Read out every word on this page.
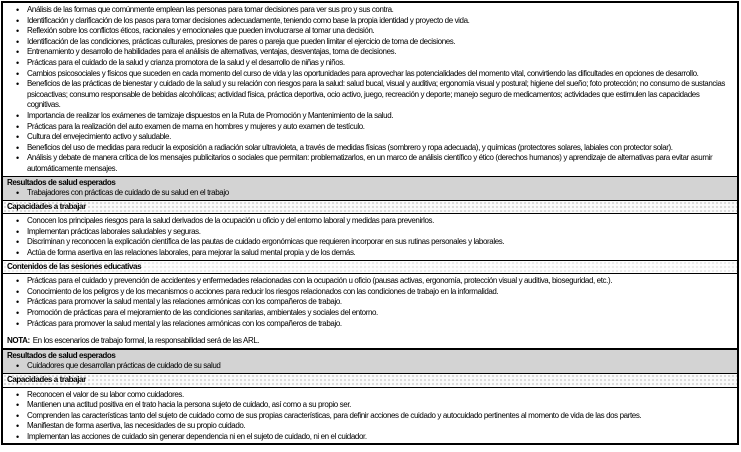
•	Análisis de las formas que comúnmente emplean las personas para tomar decisiones para ver sus pro y sus contra.
•	Identificación y clarificación de los pasos para tomar decisiones adecuadamente, teniendo como base la propia identidad y proyecto de vida.
•	Reflexión sobre los conflictos éticos, racionales y emocionales que pueden involucrarse al tomar una decisión.
•	Identificación de las condiciones, prácticas culturales, presiones de pares o pareja que pueden limitar el ejercicio de toma de decisiones.
•	Entrenamiento y desarrollo de habilidades para el análisis de alternativas, ventajas, desventajas, toma de decisiones.
•	Prácticas para el cuidado de la salud y crianza promotora de la salud y el desarrollo de niñas y niños.
•	Cambios psicosociales y físicos que suceden en cada momento del curso de vida y las oportunidades para aprovechar las potencialidades del momento vital, convirtiendo las dificultades en opciones de desarrollo.
•	Beneficios de las prácticas de bienestar y cuidado de la salud y su relación con riesgos para la salud: salud bucal, visual y auditiva; ergonomía visual y postural; higiene del sueño; foto protección; no consumo de sustancias psicoactivas; consumo responsable de bebidas alcohólicas; actividad física, práctica deportiva, ocio activo, juego, recreación y deporte; manejo seguro de medicamentos; actividades que estimulen las capacidades cognitivas.
•	Importancia de realizar los exámenes de tamizaje dispuestos en la Ruta de Promoción y Mantenimiento de la salud.
•	Prácticas para la realización del auto examen de mama en hombres y mujeres y auto examen de testículo.
•	Cultura del envejecimiento activo y saludable.
•	Beneficios del uso de medidas para reducir la exposición a radiación solar ultravioleta, a través de medidas físicas (sombrero y ropa adecuada), y químicas (protectores solares, labiales con protector solar).
•	Análisis y debate de manera crítica de los mensajes publicitarios o sociales que permitan: problematizarlos, en un marco de análisis científico y ético (derechos humanos) y aprendizaje de alternativas para evitar asumir automáticamente mensajes.
Resultados de salud esperados
•	Trabajadores con prácticas de cuidado de su salud en el trabajo
Capacidades a trabajar
•	Conocen los principales riesgos para la salud derivados de la ocupación u oficio y del entorno laboral y medidas para prevenirlos.
•	Implementan prácticas laborales saludables y seguras.
•	Discriminan y reconocen la explicación científica de las pautas de cuidado ergonómicas que requieren incorporar en sus rutinas personales y laborales.
•	Actúa de forma asertiva en las relaciones laborales, para mejorar la salud mental propia y de los demás.
Contenidos de las sesiones educativas
•	Prácticas para el cuidado y prevención de accidentes y enfermedades relacionadas con la ocupación u oficio (pausas activas, ergonomía, protección visual y auditiva, bioseguridad, etc.).
•	Conocimiento de los peligros y de los mecanismos o acciones para reducir los riesgos relacionados con las condiciones de trabajo en la informalidad.
•	Prácticas para promover la salud mental y las relaciones armónicas con los compañeros de trabajo.
•	Promoción de prácticas para el mejoramiento de las condiciones sanitarias, ambientales y sociales del entorno.
•	Prácticas para promover la salud mental y las relaciones armónicas con los compañeros de trabajo.
NOTA: En los escenarios de trabajo formal, la responsabilidad será de las ARL.
Resultados de salud esperados
•	Cuidadores que desarrollan prácticas de cuidado de su salud
Capacidades a trabajar
•	Reconocen el valor de su labor como cuidadores.
•	Mantienen una actitud positiva en el trato hacia la persona sujeto de cuidado, así como a su propio ser.
•	Comprenden las características tanto del sujeto de cuidado como de sus propias características, para definir acciones de cuidado y autocuidado pertinentes al momento de vida de las dos partes.
•	Manifiestan de forma asertiva, las necesidades de su propio cuidado.
•	Implementan las acciones de cuidado sin generar dependencia ni en el sujeto de cuidado, ni en el cuidador.
